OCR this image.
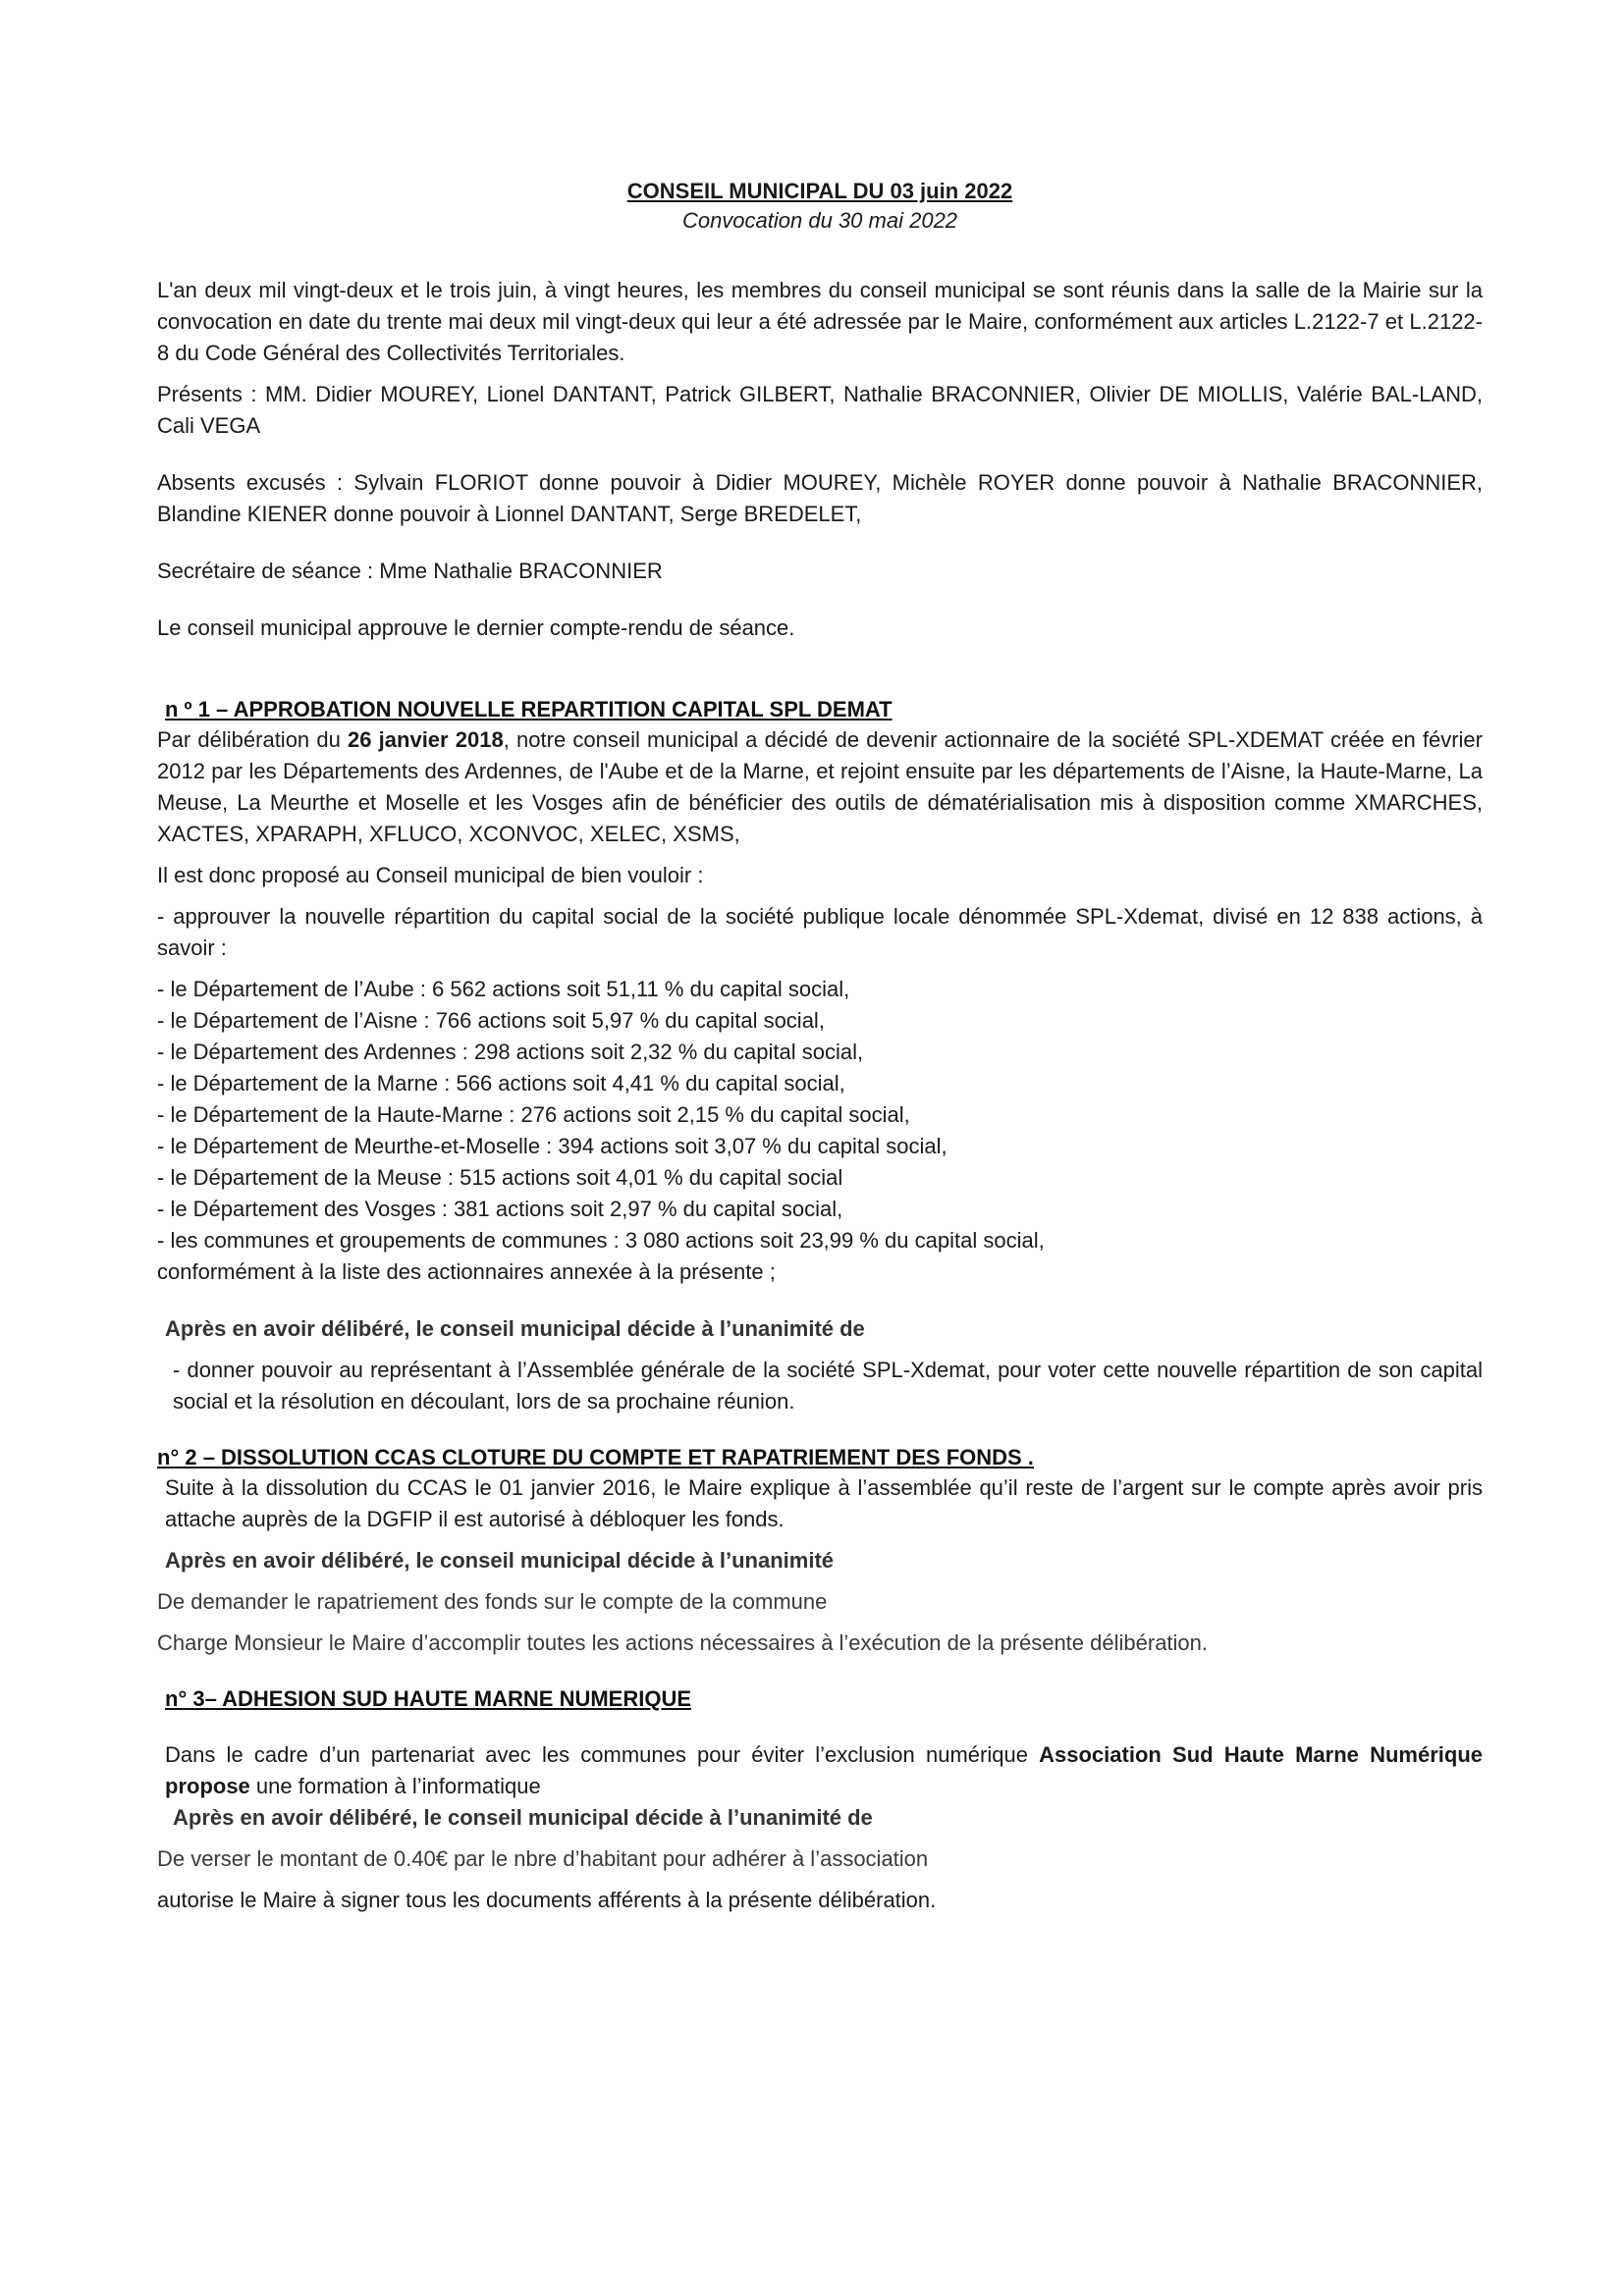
CONSEIL MUNICIPAL DU 03 juin 2022
Convocation du 30 mai 2022

L'an deux mil vingt-deux et le trois juin, à vingt heures, les membres du conseil municipal se sont réunis dans la salle de la Mairie sur la convocation en date du trente mai deux mil vingt-deux qui leur a été adressée par le Maire, conformément aux articles L.2122-7 et L.2122-8 du Code Général des Collectivités Territoriales.

Présents : MM. Didier MOUREY, Lionel DANTANT, Patrick GILBERT, Nathalie BRACONNIER, Olivier DE MIOLLIS, Valérie BAL-LAND, Cali VEGA

Absents excusés : Sylvain FLORIOT donne pouvoir à Didier MOUREY, Michèle ROYER donne pouvoir à Nathalie BRACONNIER, Blandine KIENER donne pouvoir à Lionnel DANTANT, Serge BREDELET,

Secrétaire de séance : Mme Nathalie BRACONNIER

Le conseil municipal approuve le dernier compte-rendu de séance.

n º 1 – APPROBATION NOUVELLE REPARTITION CAPITAL SPL DEMAT

Par délibération du 26 janvier 2018, notre conseil municipal a décidé de devenir actionnaire de la société SPL-XDEMAT créée en février 2012 par les Départements des Ardennes, de l'Aube et de la Marne, et rejoint ensuite par les départements de l’Aisne, la Haute-Marne, La Meuse, La Meurthe et Moselle et les Vosges afin de bénéficier des outils de dématérialisation mis à disposition comme XMARCHES, XACTES, XPARAPH, XFLUCO, XCONVOC, XELEC, XSMS,

Il est donc proposé au Conseil municipal de bien vouloir :

- approuver la nouvelle répartition du capital social de la société publique locale dénommée SPL-Xdemat, divisé en 12 838 actions, à savoir :

- le Département de l’Aube : 6 562 actions soit 51,11 % du capital social,

- le Département de l’Aisne : 766 actions soit 5,97 % du capital social,

- le Département des Ardennes : 298 actions soit 2,32 % du capital social,

- le Département de la Marne : 566 actions soit 4,41 % du capital social,

- le Département de la Haute-Marne : 276 actions soit 2,15 % du capital social,

- le Département de Meurthe-et-Moselle : 394 actions soit 3,07 % du capital social,

- le Département de la Meuse : 515 actions soit 4,01 % du capital social

- le Département des Vosges : 381 actions soit 2,97 % du capital social,

- les communes et groupements de communes : 3 080 actions soit 23,99 % du capital social,

conformément à la liste des actionnaires annexée à la présente ;

Après en avoir délibéré, le conseil municipal décide à l’unanimité de

- donner pouvoir au représentant à l’Assemblée générale de la société SPL-Xdemat, pour voter cette nouvelle répartition de son capital social et la résolution en découlant, lors de sa prochaine réunion.

n° 2 – DISSOLUTION CCAS CLOTURE DU COMPTE ET RAPATRIEMENT DES FONDS .

Suite à la dissolution du CCAS le 01 janvier 2016, le Maire explique à l’assemblée qu’il reste de l’argent sur le compte après avoir pris attache auprès de la DGFIP il est autorisé à débloquer les fonds.

Après en avoir délibéré, le conseil municipal décide à l’unanimité

De demander le rapatriement des fonds sur le compte de la commune

Charge Monsieur le Maire d’accomplir toutes les actions nécessaires à l’exécution de la présente délibération.

n° 3– ADHESION SUD HAUTE MARNE NUMERIQUE

Dans le cadre d’un partenariat avec les communes pour éviter l’exclusion numérique Association Sud Haute Marne Numérique propose une formation à l’informatique

Après en avoir délibéré, le conseil municipal décide à l’unanimité de

De verser le montant de 0.40€ par le nbre d’habitant pour adhérer à l’association

autorise le Maire à signer tous les documents afférents à la présente délibération.
